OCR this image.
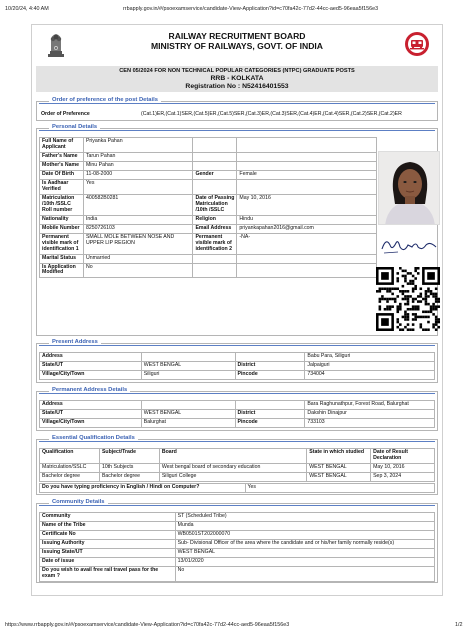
10/20/24, 4:40 AM	rrbapply.gov.in/#/psoexamservice/candidate-View-Application?id=c70fa42c-77d2-44cc-aed5-96eaa5f156e3
https://www.rrbapply.gov.in/#/psoexamservice/candidate-View-Application?id=c70fa42c-77d2-44cc-aed5-96eaa5f156e3	1/2
RAILWAY RECRUITMENT BOARD
MINISTRY OF RAILWAYS, GOVT. OF INDIA
CEN 05/2024 FOR NON TECHNICAL POPULAR CATEGORIES (NTPC) GRADUATE POSTS
RRB - KOLKATA
Registration No : N52416401553
Order of preference of the post Details
Order of Preference	(Cat.1)ER,(Cat.1)SER,(Cat.5)ER,(Cat.5)SER,(Cat.3)ER,(Cat.3)SER,(Cat.4)ER,(Cat.4)SER,(Cat.2)SER,(Cat.2)ER
Personal Details
Full Name of Applicant	Priyanka Pahan		
Father's Name	Tarun Pahan		
Mother's Name	Minu Pahan		
Date Of Birth	11-08-2000	Gender	Female
Is Aadhaar Verified	Yes		
Matriculation /10th /SSLC Roll number	400582B0281	Date of Passing Matriculation /10th /SSLC	May 10, 2016
Nationality	India	Religion	Hindu
Mobile Number	8250726103	Email Address	priyankapahan2016@gmail.com
Permanent visible mark of identification 1	SMALL MOLE BETWEEN NOSE AND UPPER LIP REGION	Permanent visible mark of identification 2	-NA-
Marital Status	Unmarried		
Is Application Modified	No		
Present Address
Address			Babu Para, Siliguri
State/UT	WEST BENGAL	District	Jalpaiguri
Village/City/Town	Siliguri	Pincode	734004
Permanent Address Details
Address			Bara Raghunathpur, Forest Road, Balurghat
State/UT	WEST BENGAL	District	Dakshin Dinajpur
Village/City/Town	Balurghat	Pincode	733103
Essential Qualification Details
Qualification	Subject/Trade	Board	State in which studied	Date of Result Declaration
Matriculation/SSLC	10th Subjects	West bengal board of secondary education	WEST BENGAL	May 10, 2016
Bachelor degree	Bachelor degree	Siliguri College	WEST BENGAL	Sep 3, 2024
Do you have typing proficiency in English / Hindi on Computer?	Yes
Community Details
Community	ST (Scheduled Tribe)
Name of the Tribe	Munda
Certificate No	WB0501ST202000070
Issuing Authority	Sub- Divisional Officer of the area where the candidate and or his/her family normally reside(s)
Issuing State/UT	WEST BENGAL
Date of issue	13/01/2020
Do you wish to avail free rail travel pass for the exam ?	No
